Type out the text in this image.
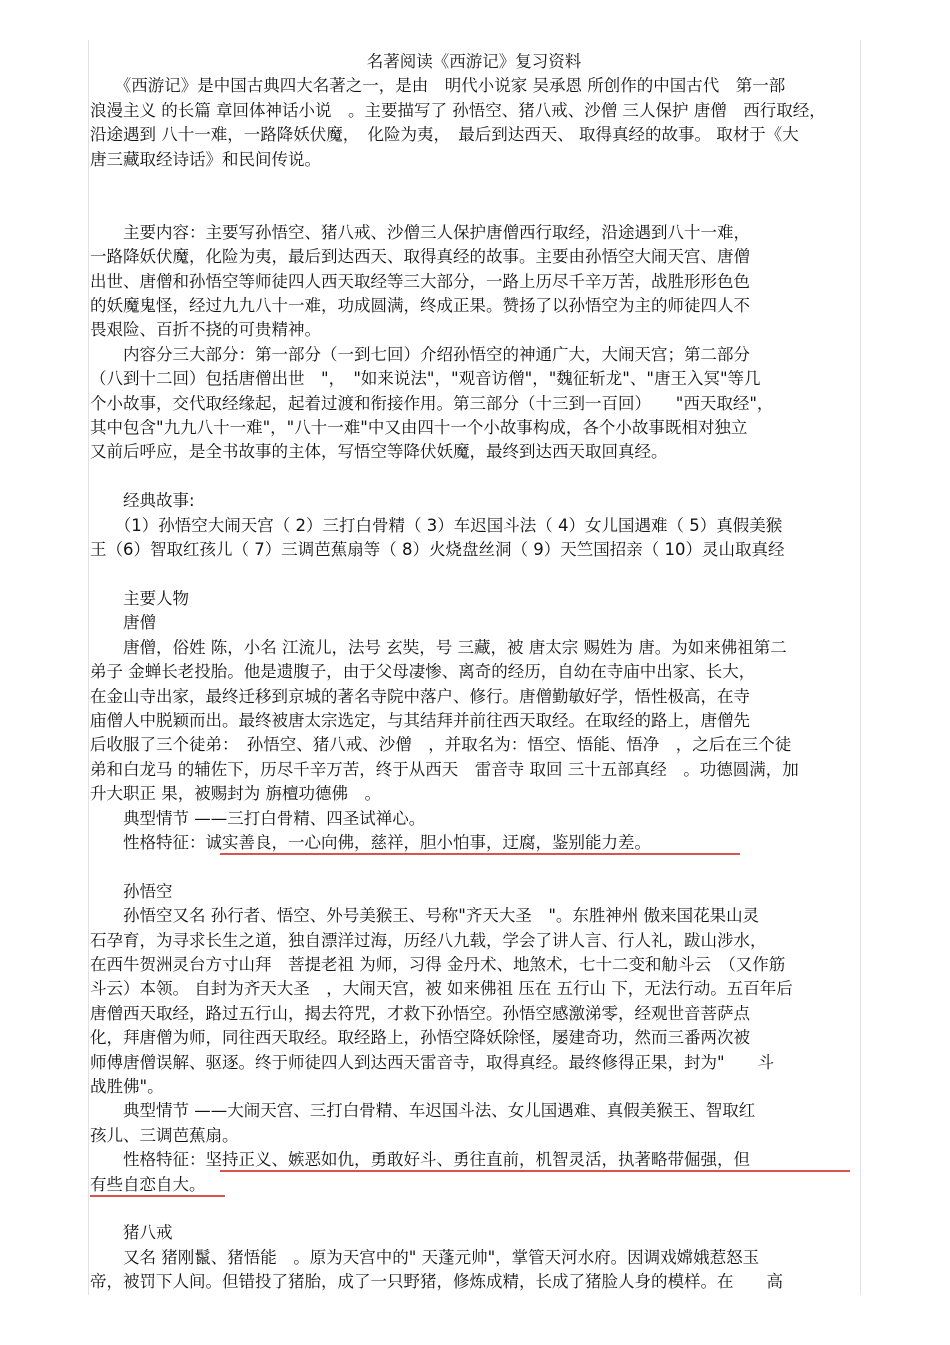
名著阅读《西游记》复习资料

　　《西游记》是中国古典四大名著之一，是由　明代小说家 吴承恩 所创作的中国古代　第一部

浪漫主义 的长篇 章回体神话小说　。主要描写了 孙悟空、猪八戒、沙僧 三人保护 唐僧　西行取经，

沿途遇到 八十一难，一路降妖伏魔，　化险为夷，　最后到达西天、 取得真经的故事。 取材于《大

唐三藏取经诗话》和民间传说。

　　主要内容：主要写孙悟空、猪八戒、沙僧三人保护唐僧西行取经，沿途遇到八十一难，

一路降妖伏魔，化险为夷，最后到达西天、取得真经的故事。主要由孙悟空大闹天宫、唐僧

出世、唐僧和孙悟空等师徒四人西天取经等三大部分，一路上历尽千辛万苦，战胜形形色色

的妖魔鬼怪，经过九九八十一难，功成圆满，终成正果。赞扬了以孙悟空为主的师徒四人不

畏艰险、百折不挠的可贵精神。

　　内容分三大部分：第一部分（一到七回）介绍孙悟空的神通广大，大闹天宫；第二部分

（八到十二回）包括唐僧出世　"，　"如来说法"，"观音访僧"，"魏征斩龙"、"唐王入冥"等几

个小故事，交代取经缘起，起着过渡和衔接作用。第三部分（十三到一百回）　　"西天取经"，

其中包含"九九八十一难"，"八十一难"中又由四十一个小故事构成，各个小故事既相对独立

又前后呼应，是全书故事的主体，写悟空等降伏妖魔，最终到达西天取回真经。

　　经典故事:

　　（1）孙悟空大闹天宫（ 2）三打白骨精（ 3）车迟国斗法（ 4）女儿国遇难（ 5）真假美猴

王（6）智取红孩儿（ 7）三调芭蕉扇等（ 8）火烧盘丝洞（ 9）天竺国招亲（ 10）灵山取真经

　　主要人物

　　唐僧

　　唐僧，俗姓 陈，小名 江流儿，法号 玄奘，号 三藏，被 唐太宗 赐姓为 唐。为如来佛祖第二

弟子 金蝉长老投胎。他是遗腹子，由于父母凄惨、离奇的经历，自幼在寺庙中出家、长大，

在金山寺出家，最终迁移到京城的著名寺院中落户、修行。唐僧勤敏好学，悟性极高，在寺

庙僧人中脱颖而出。最终被唐太宗选定，与其结拜并前往西天取经。在取经的路上，唐僧先

后收服了三个徒弟：　孙悟空、猪八戒、沙僧　，并取名为：悟空、悟能、悟净　，之后在三个徒

弟和白龙马 的辅佐下，历尽千辛万苦，终于从西天　雷音寺 取回 三十五部真经　。功德圆满，加

升大职正 果，被赐封为 旃檀功德佛　。

　　典型情节 ——三打白骨精、四圣试禅心。

　　性格特征：诚实善良，一心向佛，慈祥，胆小怕事，迂腐，鉴别能力差。

　　孙悟空

　　孙悟空又名 孙行者、悟空、外号美猴王、号称"齐天大圣　"。东胜神州 傲来国花果山灵

石孕育，为寻求长生之道，独自漂洋过海，历经八九载，学会了讲人言、行人礼，跋山涉水，

在西牛贺洲灵台方寸山拜　菩提老祖 为师，习得 金丹术、地煞术，七十二变和觔斗云　（又作筋

斗云）本领。 自封为齐天大圣　，大闹天宫，被 如来佛祖 压在 五行山 下，无法行动。五百年后

唐僧西天取经，路过五行山，揭去符咒，才救下孙悟空。孙悟空感激涕零，经观世音菩萨点

化，拜唐僧为师，同往西天取经。取经路上，孙悟空降妖除怪，屡建奇功，然而三番两次被

师傅唐僧误解、驱逐。终于师徒四人到达西天雷音寺，取得真经。最终修得正果，封为"　　斗

战胜佛"。

　　典型情节 ——大闹天宫、三打白骨精、车迟国斗法、女儿国遇难、真假美猴王、智取红

孩儿、三调芭蕉扇。

　　性格特征：坚持正义、嫉恶如仇，勇敢好斗、勇往直前，机智灵活，执著略带倔强，但

有些自恋自大。

　　猪八戒

　　又名 猪刚鬣、猪悟能　。原为天宫中的" 天蓬元帅"，掌管天河水府。因调戏嫦娥惹怒玉

帝，被罚下人间。但错投了猪胎，成了一只野猪，修炼成精，长成了猪脸人身的模样。在　　高
